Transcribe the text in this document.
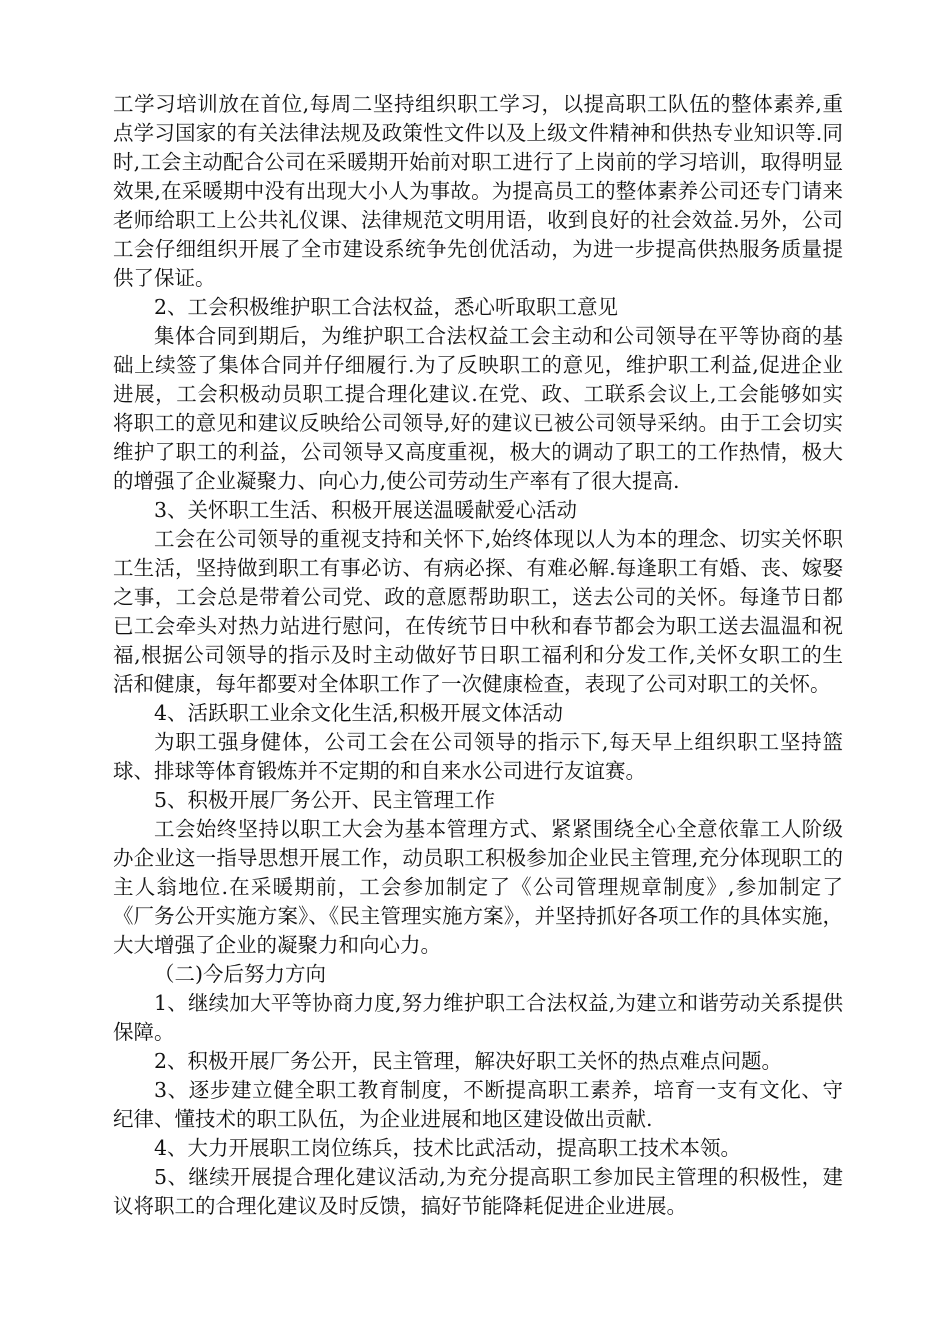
工学习培训放在首位,每周二坚持组织职工学习，以提高职工队伍的整体素养,重点学习国家的有关法律法规及政策性文件以及上级文件精神和供热专业知识等.同时,工会主动配合公司在采暖期开始前对职工进行了上岗前的学习培训，取得明显效果,在采暖期中没有出现大小人为事故。为提高员工的整体素养公司还专门请来老师给职工上公共礼仪课、法律规范文明用语，收到良好的社会效益.另外，公司工会仔细组织开展了全市建设系统争先创优活动，为进一步提高供热服务质量提供了保证。

2、工会积极维护职工合法权益，悉心听取职工意见

集体合同到期后，为维护职工合法权益工会主动和公司领导在平等协商的基础上续签了集体合同并仔细履行.为了反映职工的意见，维护职工利益,促进企业进展，工会积极动员职工提合理化建议.在党、政、工联系会议上,工会能够如实将职工的意见和建议反映给公司领导,好的建议已被公司领导采纳。由于工会切实维护了职工的利益，公司领导又高度重视，极大的调动了职工的工作热情，极大的增强了企业凝聚力、向心力,使公司劳动生产率有了很大提高.

3、关怀职工生活、积极开展送温暖献爱心活动

工会在公司领导的重视支持和关怀下,始终体现以人为本的理念、切实关怀职工生活，坚持做到职工有事必访、有病必探、有难必解.每逢职工有婚、丧、嫁娶之事，工会总是带着公司党、政的意愿帮助职工，送去公司的关怀。每逢节日都已工会牵头对热力站进行慰问，在传统节日中秋和春节都会为职工送去温温和祝福,根据公司领导的指示及时主动做好节日职工福利和分发工作,关怀女职工的生活和健康，每年都要对全体职工作了一次健康检查，表现了公司对职工的关怀。

4、活跃职工业余文化生活,积极开展文体活动

为职工强身健体，公司工会在公司领导的指示下,每天早上组织职工坚持篮球、排球等体育锻炼并不定期的和自来水公司进行友谊赛。

5、积极开展厂务公开、民主管理工作

工会始终坚持以职工大会为基本管理方式、紧紧围绕全心全意依靠工人阶级办企业这一指导思想开展工作，动员职工积极参加企业民主管理,充分体现职工的主人翁地位.在采暖期前，工会参加制定了《公司管理规章制度》,参加制定了《厂务公开实施方案》、《民主管理实施方案》，并坚持抓好各项工作的具体实施，大大增强了企业的凝聚力和向心力。

（二)今后努力方向

1、继续加大平等协商力度,努力维护职工合法权益,为建立和谐劳动关系提供保障。

2、积极开展厂务公开，民主管理，解决好职工关怀的热点难点问题。

3、逐步建立健全职工教育制度，不断提高职工素养，培育一支有文化、守纪律、懂技术的职工队伍，为企业进展和地区建设做出贡献.

4、大力开展职工岗位练兵，技术比武活动，提高职工技术本领。

5、继续开展提合理化建议活动,为充分提高职工参加民主管理的积极性，建议将职工的合理化建议及时反馈，搞好节能降耗促进企业进展。
